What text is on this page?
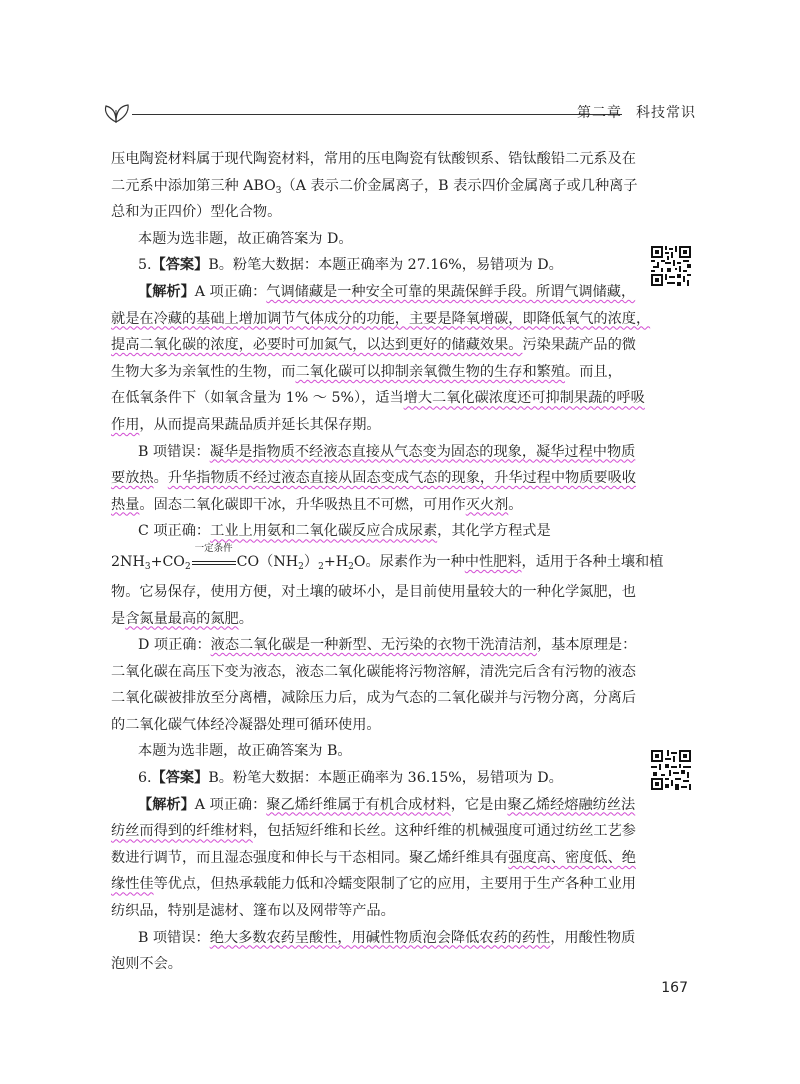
第二章 科技常识
压电陶瓷材料属于现代陶瓷材料，常用的压电陶瓷有钛酸钡系、锆钛酸铅二元系及在
二元系中添加第三种 $ABO_3(A$ 表示二价金属离子，B 表示四价金属离子或几种离子
总和为正四价）型化合物。
本题为选非题，故正确答案为 D。
5.【答案】B。粉笔大数据：本题正确率为 27.16%，易错项为 D。
【解析】A 项正确：气调储藏是一种安全可靠的果蔬保鲜手段。所谓气调储藏，
就是在冷藏的基础上增加调节气体成分的功能，主要是降氧增碳，即降低氧气的浓度，
提高二氧化碳的浓度，必要时可加氮气，以达到更好的储藏效果。污染果蔬产品的微
生物大多为亲氧性的生物，而二氧化碳可以抑制亲氧微生物的生存和繁殖。而且，
在低氧条件下（如氧含量为 1% ～ 5%），适当增大二氧化碳浓度还可抑制果蔬的呼吸
作用，从而提高果蔬品质并延长其保存期。
B 项错误：凝华是指物质不经液态直接从气态变为固态的现象，凝华过程中物质
要放热。升华指物质不经过液态直接从固态变成气态的现象，升华过程中物质要吸收
热量。固态二氧化碳即干冰，升华吸热且不可燃，可用作灭火剂。
C 项正确：工业上用氨和二氧化碳反应合成尿素，其化学方程式是
$2NH_3+CO_2$
一定条件
$CO(NH_2)_2+H_2O$。尿素作为一种中性肥料，适用于各种土壤和植
物。它易保存，使用方便，对土壤的破坏小，是目前使用量较大的一种化学氮肥，也
是含氮量最高的氮肥。
D 项正确：液态二氧化碳是一种新型、无污染的衣物干洗清洁剂，基本原理是：
二氧化碳在高压下变为液态，液态二氧化碳能将污物溶解，清洗完后含有污物的液态
二氧化碳被排放至分离槽，减除压力后，成为气态的二氧化碳并与污物分离，分离后
的二氧化碳气体经冷凝器处理可循环使用。
本题为选非题，故正确答案为 B。
6.【答案】B。粉笔大数据：本题正确率为 36.15%，易错项为 D。
【解析】A 项正确：聚乙烯纤维属于有机合成材料，它是由聚乙烯经熔融纺丝法
纺丝而得到的纤维材料，包括短纤维和长丝。这种纤维的机械强度可通过纺丝工艺参
数进行调节，而且湿态强度和伸长与干态相同。聚乙烯纤维具有强度高、密度低、绝
缘性佳等优点，但热承载能力低和冷蠕变限制了它的应用，主要用于生产各种工业用
纺织品，特别是滤材、篷布以及网带等产品。
B 项错误：绝大多数农药呈酸性，用碱性物质泡会降低农药的药性，用酸性物质
泡则不会。
167
